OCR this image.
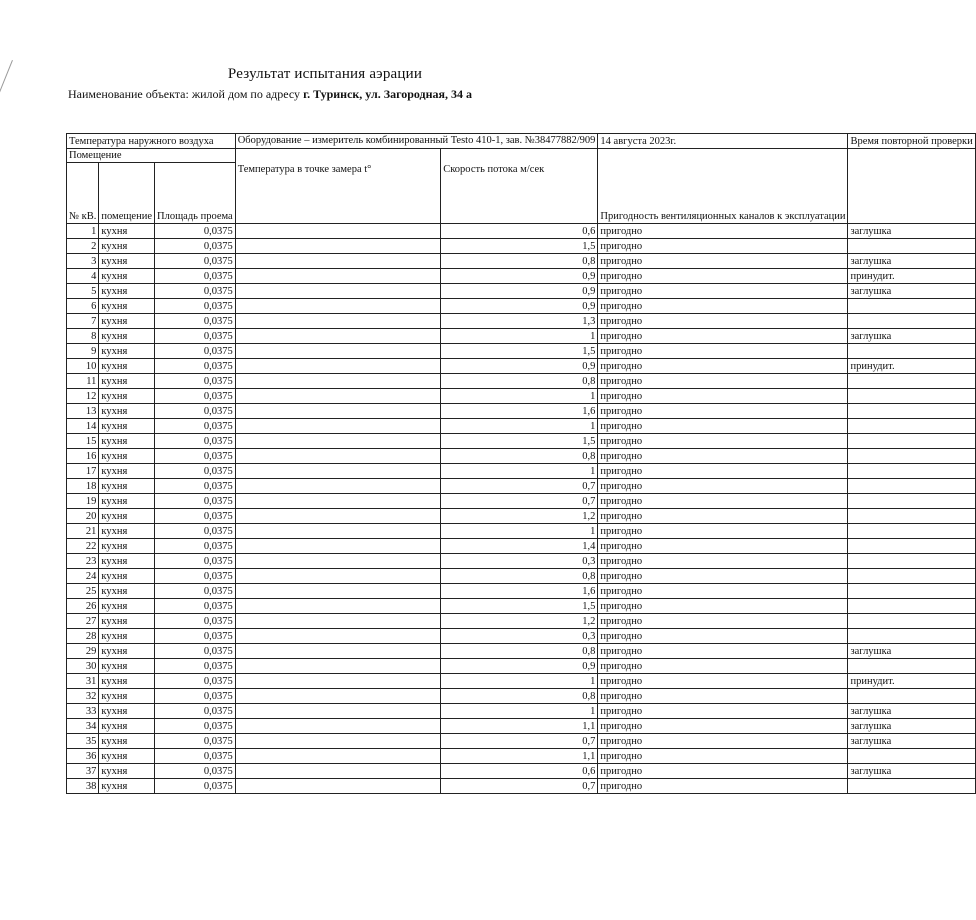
Результат испытания аэрации
Наименование объекта: жилой дом по адресу г. Туринск, ул. Загородная, 34 а
Температура наружного воздуха			Оборудование – измеритель комбинированный Testo 410-1, зав. №38477882/909		14 августа 2023г.	Время повторной проверки
Помещение			Температура в точке замера t°	Скорость потока м/сек	Пригодность вентиляционных каналов к эксплуатации	
№ кВ.	помещение	Площадь проема				
1	кухня	0,0375		0,6	пригодно	заглушка
2	кухня	0,0375		1,5	пригодно	
3	кухня	0,0375		0,8	пригодно	заглушка
4	кухня	0,0375		0,9	пригодно	принудит.
5	кухня	0,0375		0,9	пригодно	заглушка
6	кухня	0,0375		0,9	пригодно	
7	кухня	0,0375		1,3	пригодно	
8	кухня	0,0375		1	пригодно	заглушка
9	кухня	0,0375		1,5	пригодно	
10	кухня	0,0375		0,9	пригодно	принудит.
11	кухня	0,0375		0,8	пригодно	
12	кухня	0,0375		1	пригодно	
13	кухня	0,0375		1,6	пригодно	
14	кухня	0,0375		1	пригодно	
15	кухня	0,0375		1,5	пригодно	
16	кухня	0,0375		0,8	пригодно	
17	кухня	0,0375		1	пригодно	
18	кухня	0,0375		0,7	пригодно	
19	кухня	0,0375		0,7	пригодно	
20	кухня	0,0375		1,2	пригодно	
21	кухня	0,0375		1	пригодно	
22	кухня	0,0375		1,4	пригодно	
23	кухня	0,0375		0,3	пригодно	
24	кухня	0,0375		0,8	пригодно	
25	кухня	0,0375		1,6	пригодно	
26	кухня	0,0375		1,5	пригодно	
27	кухня	0,0375		1,2	пригодно	
28	кухня	0,0375		0,3	пригодно	
29	кухня	0,0375		0,8	пригодно	заглушка
30	кухня	0,0375		0,9	пригодно	
31	кухня	0,0375		1	пригодно	принудит.
32	кухня	0,0375		0,8	пригодно	
33	кухня	0,0375		1	пригодно	заглушка
34	кухня	0,0375		1,1	пригодно	заглушка
35	кухня	0,0375		0,7	пригодно	заглушка
36	кухня	0,0375		1,1	пригодно	
37	кухня	0,0375		0,6	пригодно	заглушка
38	кухня	0,0375		0,7	пригодно	
